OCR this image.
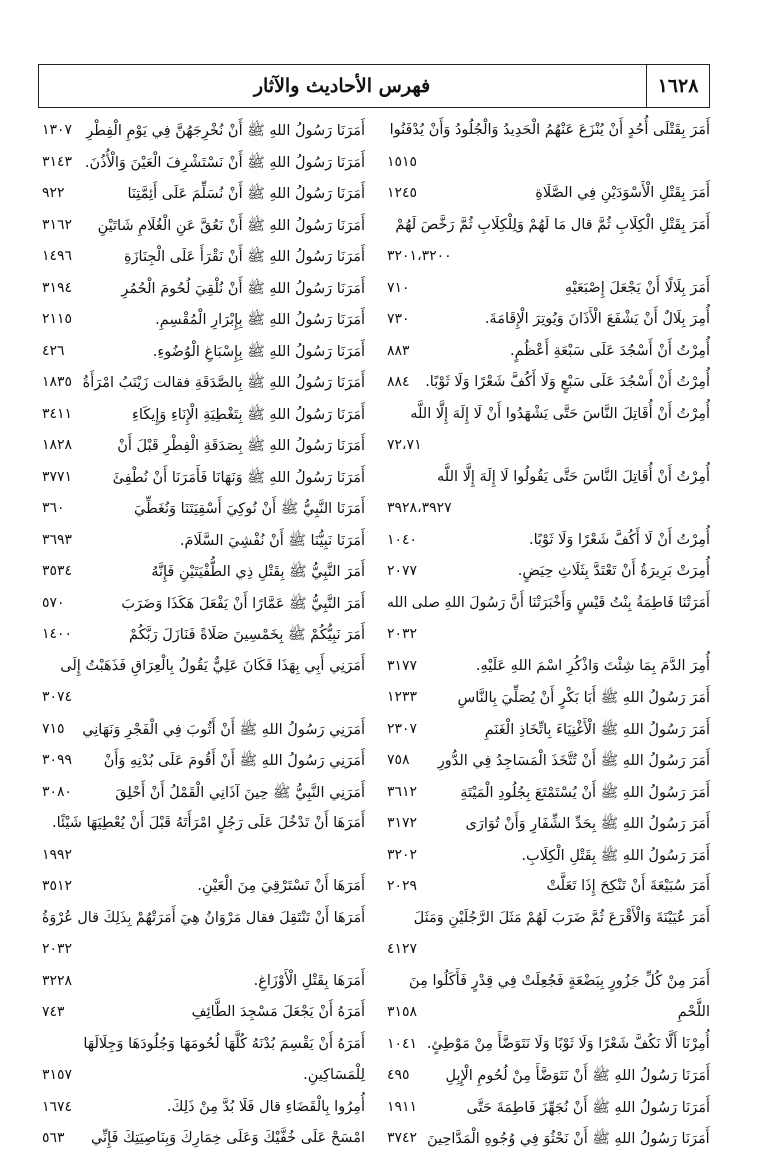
١٦٢٨
فهرس الأحاديث والآثار
أَمَرَ بِقَتْلَى أُحُدٍ أَنْ يُنْزَعَ عَنْهُمُ الْحَدِيدُ وَالْجُلُودُ وَأَنْ يُدْفَنُوا
١٥١٥
أَمَرَ بِقَتْلِ الْأَسْوَدَيْنِ فِي الصَّلَاةِ
١٢٤٥
أَمَرَ بِقَتْلِ الْكِلَابِ ثُمَّ قال مَا لَهُمْ وَلِلْكِلَابِ ثُمَّ رَخَّصَ لَهُمْ
٣٢٠١،٣٢٠٠
أَمَرَ بِلَالًا أَنْ يَجْعَلَ إِصْبَعَيْهِ
٧١٠
أُمِرَ بِلَالٌ أَنْ يَشْفَعَ الْأَذَانَ وَيُوتِرَ الْإِقَامَةَ.
٧٣٠
أُمِرْتُ أَنْ أَسْجُدَ عَلَى سَبْعَةِ أَعْظُمٍ.
٨٨٣
أُمِرْتُ أَنْ أَسْجُدَ عَلَى سَبْعٍ وَلَا أَكُفَّ شَعْرًا وَلَا ثَوْبًا.
٨٨٤
أُمِرْتُ أَنْ أُقَاتِلَ النَّاسَ حَتَّى يَشْهَدُوا أَنْ لَا إِلَهَ إِلَّا اللَّه
٧٢،٧١
أُمِرْتُ أَنْ أُقَاتِلَ النَّاسَ حَتَّى يَقُولُوا لَا إِلَهَ إِلَّا اللَّه
٣٩٢٨،٣٩٢٧
أُمِرْتُ أَنْ لَا أَكُفَّ شَعْرًا وَلَا ثَوْبًا.
١٠٤٠
أُمِرَتْ بَرِيرَةُ أَنْ تَعْتَدَّ بِثَلَاثِ حِيَضٍ.
٢٠٧٧
أَمَرَتْنَا فَاطِمَةُ بِنْتُ قَيْسٍ وَأَخْبَرَتْنَا أَنَّ رَسُولَ اللهِ صلى الله
٢٠٣٢
أُمِرَ الدَّمَ بِمَا شِئْتَ وَاذْكُرِ اسْمَ اللهِ عَلَيْهِ.
٣١٧٧
أَمَرَ رَسُولُ اللهِ ﷺ أَبَا بَكْرٍ أَنْ يُصَلِّيَ بِالنَّاسِ
١٢٣٣
أَمَرَ رَسُولُ اللهِ ﷺ الْأَغْنِيَاءَ بِاتِّخَاذِ الْغَنَمِ
٢٣٠٧
أَمَرَ رَسُولُ اللهِ ﷺ أَنْ تُتَّخَذَ الْمَسَاجِدُ فِي الدُّورِ
٧٥٨
أَمَرَ رَسُولُ اللهِ ﷺ أَنْ يُسْتَمْتَعَ بِجُلُودِ الْمَيْتَةِ
٣٦١٢
أَمَرَ رَسُولُ اللهِ ﷺ بِحَدِّ الشِّفَارِ وَأَنْ تُوَارَى
٣١٧٢
أَمَرَ رَسُولُ اللهِ ﷺ بِقَتْلِ الْكِلَابِ.
٣٢٠٢
أَمَرَ سُبَيْعَةَ أَنْ تَنْكِحَ إِذَا تَعَلَّتْ
٢٠٢٩
أَمَرَ عُيَيْنَةَ وَالْأَقْرَعَ ثُمَّ ضَرَبَ لَهُمْ مَثَلَ الرَّجُلَيْنِ وَمَثَلَ
٤١٢٧
أَمَرَ مِنْ كُلِّ جَزُورٍ بِبَضْعَةٍ فَجُعِلَتْ فِي قِدْرٍ فَأَكَلُوا مِنَ
اللَّحْمِ
٣١٥٨
أُمِرْنَا أَلَّا نَكُفَّ شَعْرًا وَلَا ثَوْبًا وَلَا نَتَوَضَّأَ مِنْ مَوْطِئٍ.
١٠٤١
أَمَرَنَا رَسُولُ اللهِ ﷺ أَنْ نَتَوَضَّأَ مِنْ لُحُومِ الْإِبِلِ
٤٩٥
أَمَرَنَا رَسُولُ اللهِ ﷺ أَنْ نُجَهِّزَ فَاطِمَةَ حَتَّى
١٩١١
أَمَرَنَا رَسُولُ اللهِ ﷺ أَنْ نَحْثُوَ فِي وُجُوهِ الْمَدَّاحِينَ
٣٧٤٢
أَمَرَنَا رَسُولُ اللهِ ﷺ أَنْ نُخْرِجَهُنَّ فِي يَوْمِ الْفِطْرِ
١٣٠٧
أَمَرَنَا رَسُولُ اللهِ ﷺ أَنْ نَسْتَشْرِفَ الْعَيْنَ وَالْأُذُنَ.
٣١٤٣
أَمَرَنَا رَسُولُ اللهِ ﷺ أَنْ نُسَلِّمَ عَلَى أَئِمَّتِنَا
٩٢٢
أَمَرَنَا رَسُولُ اللهِ ﷺ أَنْ نَعُقَّ عَنِ الْغُلَامِ شَاتَيْنِ
٣١٦٢
أَمَرَنَا رَسُولُ اللهِ ﷺ أَنْ نَقْرَأَ عَلَى الْجِنَازَةِ
١٤٩٦
أَمَرَنَا رَسُولُ اللهِ ﷺ أَنْ نُلْقِيَ لُحُومَ الْحُمُرِ
٣١٩٤
أَمَرَنَا رَسُولُ اللهِ ﷺ بِإِبْرَارِ الْمُقْسِمِ.
٢١١٥
أَمَرَنَا رَسُولُ اللهِ ﷺ بِإِسْبَاغِ الْوُضُوءِ.
٤٢٦
أَمَرَنَا رَسُولُ اللهِ ﷺ بِالصَّدَقَةِ فقالت زَيْنَبُ امْرَأَةُ
١٨٣٥
أَمَرَنَا رَسُولُ اللهِ ﷺ بِتَغْطِيَةِ الْإِنَاءِ وَإِيكَاءِ
٣٤١١
أَمَرَنَا رَسُولُ اللهِ ﷺ بِصَدَقَةِ الْفِطْرِ قَبْلَ أَنْ
١٨٢٨
أَمَرَنَا رَسُولُ اللهِ ﷺ وَنَهَانَا فَأَمَرَنَا أَنْ نُطْفِئَ
٣٧٧١
أَمَرَنَا النَّبِيُّ ﷺ أَنْ نُوكِيَ أَسْقِيَتَنَا وَنُغَطِّيَ
٣٦٠
أَمَرَنَا نَبِيُّنَا ﷺ أَنْ نُفْشِيَ السَّلَامَ.
٣٦٩٣
أَمَرَ النَّبِيُّ ﷺ بِقَتْلِ ذِي الطُّفْيَتَيْنِ فَإِنَّهُ
٣٥٣٤
أَمَرَ النَّبِيُّ ﷺ عَمَّارًا أَنْ يَفْعَلَ هَكَذَا وَضَرَبَ
٥٧٠
أَمَرَ نَبِيُّكُمْ ﷺ بِخَمْسِينَ صَلَاةً فَنَازَلَ رَبَّكُمْ
١٤٠٠
أَمَرَنِي أَبِي بِهَذَا فَكَانَ عَلِيٌّ يَقُولُ بِالْعِرَاقِ فَذَهَبْتُ إِلَى
٣٠٧٤
أَمَرَنِي رَسُولُ اللهِ ﷺ أَنْ أَثُوبَ فِي الْفَجْرِ وَنَهَانِي
٧١٥
أَمَرَنِي رَسُولُ اللهِ ﷺ أَنْ أَقُومَ عَلَى بُدْنِهِ وَأَنْ
٣٠٩٩
أَمَرَنِي النَّبِيُّ ﷺ حِينَ آذَانِي الْقَمْلُ أَنْ أَحْلِقَ
٣٠٨٠
أَمَرَهَا أَنْ تَدْخُلَ عَلَى رَجُلٍ امْرَأَتَهُ قَبْلَ أَنْ يُعْطِيَهَا شَيْئًا.
١٩٩٢
أَمَرَهَا أَنْ تَسْتَرْقِيَ مِنَ الْعَيْنِ.
٣٥١٢
أَمَرَهَا أَنْ تَنْتَقِلَ فقال مَرْوَانُ هِيَ أَمَرَتْهُمْ بِذَلِكَ قال عُرْوَةُ
٢٠٣٢
أَمَرَهَا بِقَتْلِ الْأَوْزَاغِ.
٣٢٢٨
أَمَرَهُ أَنْ يَجْعَلَ مَسْجِدَ الطَّائِفِ
٧٤٣
أَمَرَهُ أَنْ يَقْسِمَ بُدْنَهُ كُلَّهَا لُحُومَهَا وَجُلُودَهَا وَجِلَالَهَا
لِلْمَسَاكِينِ.
٣١٥٧
أُمِرُوا بِالْقَضَاءِ قال فَلَا بُدَّ مِنْ ذَلِكَ.
١٦٧٤
امْسَحْ عَلَى خُفَّيْكَ وَعَلَى خِمَارِكَ وَبِنَاصِيَتِكَ فَإِنِّي
٥٦٣
